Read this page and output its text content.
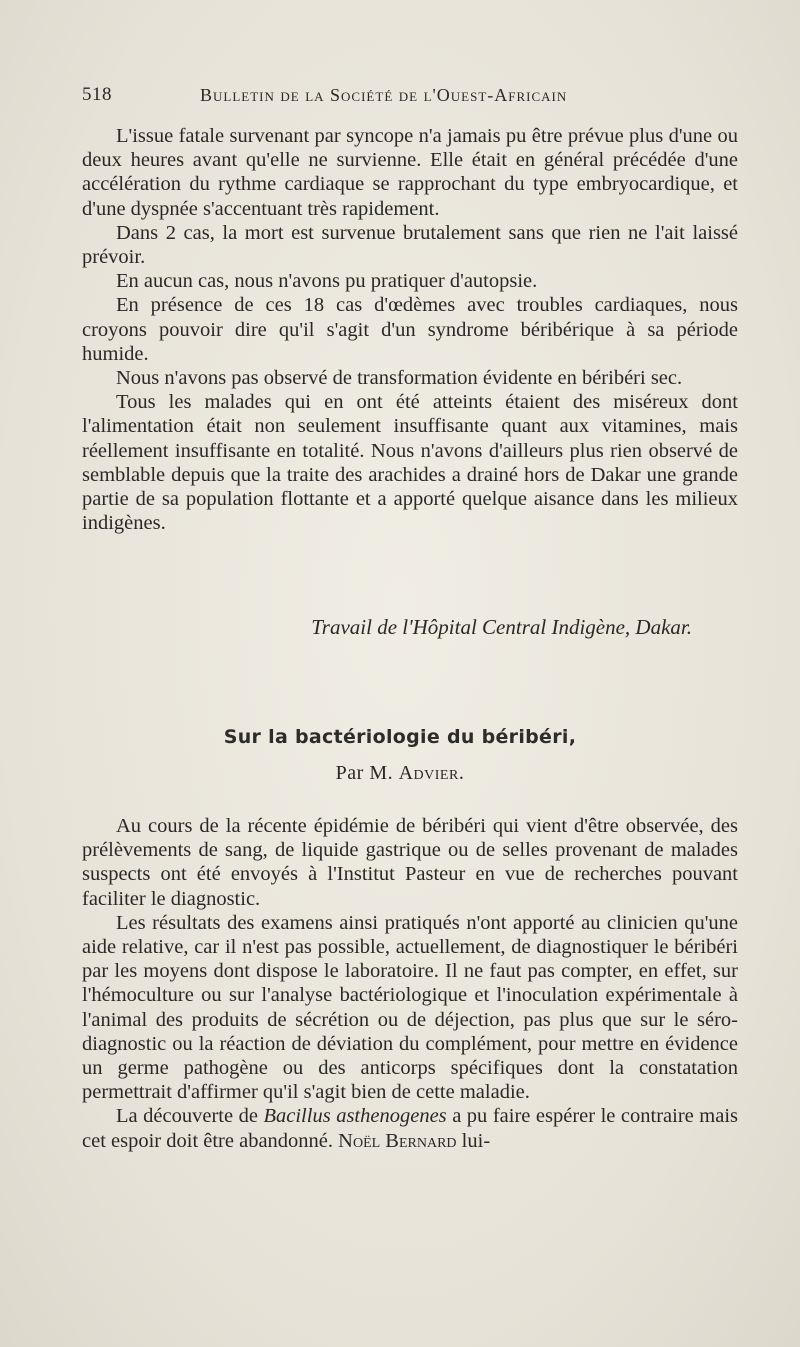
518	Bulletin de la Société de l'Ouest-Africain

L'issue fatale survenant par syncope n'a jamais pu être prévue plus d'une ou deux heures avant qu'elle ne survienne. Elle était en général précédée d'une accélération du rythme cardiaque se rapprochant du type embryocardique, et d'une dyspnée s'accentuant très rapidement.

Dans 2 cas, la mort est survenue brutalement sans que rien ne l'ait laissé prévoir.

En aucun cas, nous n'avons pu pratiquer d'autopsie.

En présence de ces 18 cas d'œdèmes avec troubles cardiaques, nous croyons pouvoir dire qu'il s'agit d'un syndrome béribérique à sa période humide.

Nous n'avons pas observé de transformation évidente en béribéri sec.

Tous les malades qui en ont été atteints étaient des miséreux dont l'alimentation était non seulement insuffisante quant aux vitamines, mais réellement insuffisante en totalité. Nous n'avons d'ailleurs plus rien observé de semblable depuis que la traite des arachides a drainé hors de Dakar une grande partie de sa population flottante et a apporté quelque aisance dans les milieux indigènes.

Travail de l'Hôpital Central Indigène, Dakar.
Sur la bactériologie du béribéri,
Par M. Advier.

Au cours de la récente épidémie de béribéri qui vient d'être observée, des prélèvements de sang, de liquide gastrique ou de selles provenant de malades suspects ont été envoyés à l'Institut Pasteur en vue de recherches pouvant faciliter le diagnostic.

Les résultats des examens ainsi pratiqués n'ont apporté au clinicien qu'une aide relative, car il n'est pas possible, actuellement, de diagnostiquer le béribéri par les moyens dont dispose le laboratoire. Il ne faut pas compter, en effet, sur l'hémoculture ou sur l'analyse bactériologique et l'inoculation expérimentale à l'animal des produits de sécrétion ou de déjection, pas plus que sur le séro-diagnostic ou la réaction de déviation du complément, pour mettre en évidence un germe pathogène ou des anticorps spécifiques dont la constatation permettrait d'affirmer qu'il s'agit bien de cette maladie.

La découverte de Bacillus asthenogenes a pu faire espérer le contraire mais cet espoir doit être abandonné. Noël Bernard lui-
